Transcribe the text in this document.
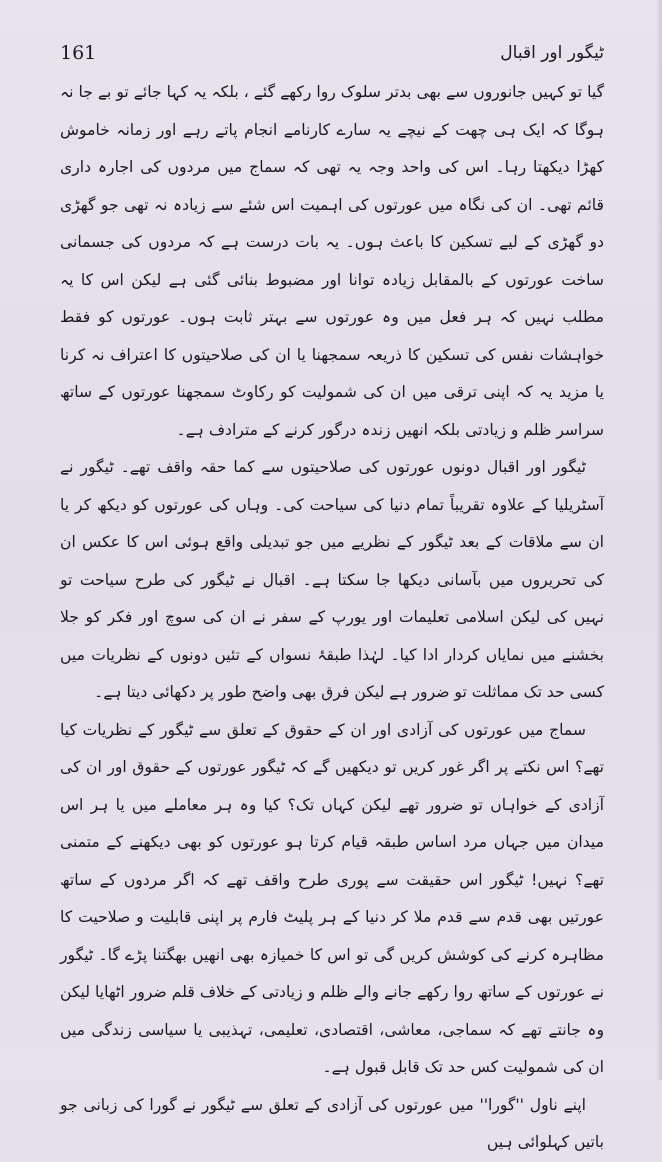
161	ٹیگور اور اقبال

گیا تو کہیں جانوروں سے بھی بدتر سلوک روا رکھے گئے ، بلکہ یہ کہا جائے تو بے جا نہ ہوگا کہ ایک ہی چھت کے نیچے یہ سارے کارنامے انجام پاتے رہے اور زمانہ خاموش کھڑا دیکھتا رہا۔ اس کی واحد وجہ یہ تھی کہ سماج میں مردوں کی اجارہ داری قائم تھی۔ ان کی نگاہ میں عورتوں کی اہمیت اس شئے سے زیادہ نہ تھی جو گھڑی دو گھڑی کے لیے تسکین کا باعث ہوں۔ یہ بات درست ہے کہ مردوں کی جسمانی ساخت عورتوں کے بالمقابل زیادہ توانا اور مضبوط بنائی گئی ہے لیکن اس کا یہ مطلب نہیں کہ ہر فعل میں وہ عورتوں سے بہتر ثابت ہوں۔ عورتوں کو فقط خواہشات نفس کی تسکین کا ذریعہ سمجھنا یا ان کی صلاحیتوں کا اعتراف نہ کرنا یا مزید یہ کہ اپنی ترقی میں ان کی شمولیت کو رکاوٹ سمجھنا عورتوں کے ساتھ سراسر ظلم و زیادتی بلکہ انھیں زندہ درگور کرنے کے مترادف ہے۔

ٹیگور اور اقبال دونوں عورتوں کی صلاحیتوں سے کما حقہ واقف تھے۔ ٹیگور نے آسٹریلیا کے علاوہ تقریباً تمام دنیا کی سیاحت کی۔ وہاں کی عورتوں کو دیکھ کر یا ان سے ملاقات کے بعد ٹیگور کے نظریے میں جو تبدیلی واقع ہوئی اس کا عکس ان کی تحریروں میں بآسانی دیکھا جا سکتا ہے۔ اقبال نے ٹیگور کی طرح سیاحت تو نہیں کی لیکن اسلامی تعلیمات اور یورپ کے سفر نے ان کی سوچ اور فکر کو جلا بخشنے میں نمایاں کردار ادا کیا۔ لہٰذا طبقۂ نسواں کے تئیں دونوں کے نظریات میں کسی حد تک مماثلت تو ضرور ہے لیکن فرق بھی واضح طور پر دکھائی دیتا ہے۔

سماج میں عورتوں کی آزادی اور ان کے حقوق کے تعلق سے ٹیگور کے نظریات کیا تھے؟ اس نکتے پر اگر غور کریں تو دیکھیں گے کہ ٹیگور عورتوں کے حقوق اور ان کی آزادی کے خواہاں تو ضرور تھے لیکن کہاں تک؟ کیا وہ ہر معاملے میں یا ہر اس میدان میں جہاں مرد اساس طبقہ قیام کرتا ہو عورتوں کو بھی دیکھنے کے متمنی تھے؟ نہیں! ٹیگور اس حقیقت سے پوری طرح واقف تھے کہ اگر مردوں کے ساتھ عورتیں بھی قدم سے قدم ملا کر دنیا کے ہر پلیٹ فارم پر اپنی قابلیت و صلاحیت کا مظاہرہ کرنے کی کوشش کریں گی تو اس کا خمیازہ بھی انھیں بھگتنا پڑے گا۔ ٹیگور نے عورتوں کے ساتھ روا رکھے جانے والے ظلم و زیادتی کے خلاف قلم ضرور اٹھایا لیکن وہ جانتے تھے کہ سماجی، معاشی، اقتصادی، تعلیمی، تہذیبی یا سیاسی زندگی میں ان کی شمولیت کس حد تک قابل قبول ہے۔

اپنے ناول ''گورا'' میں عورتوں کی آزادی کے تعلق سے ٹیگور نے گورا کی زبانی جو باتیں کہلوائی ہیں
